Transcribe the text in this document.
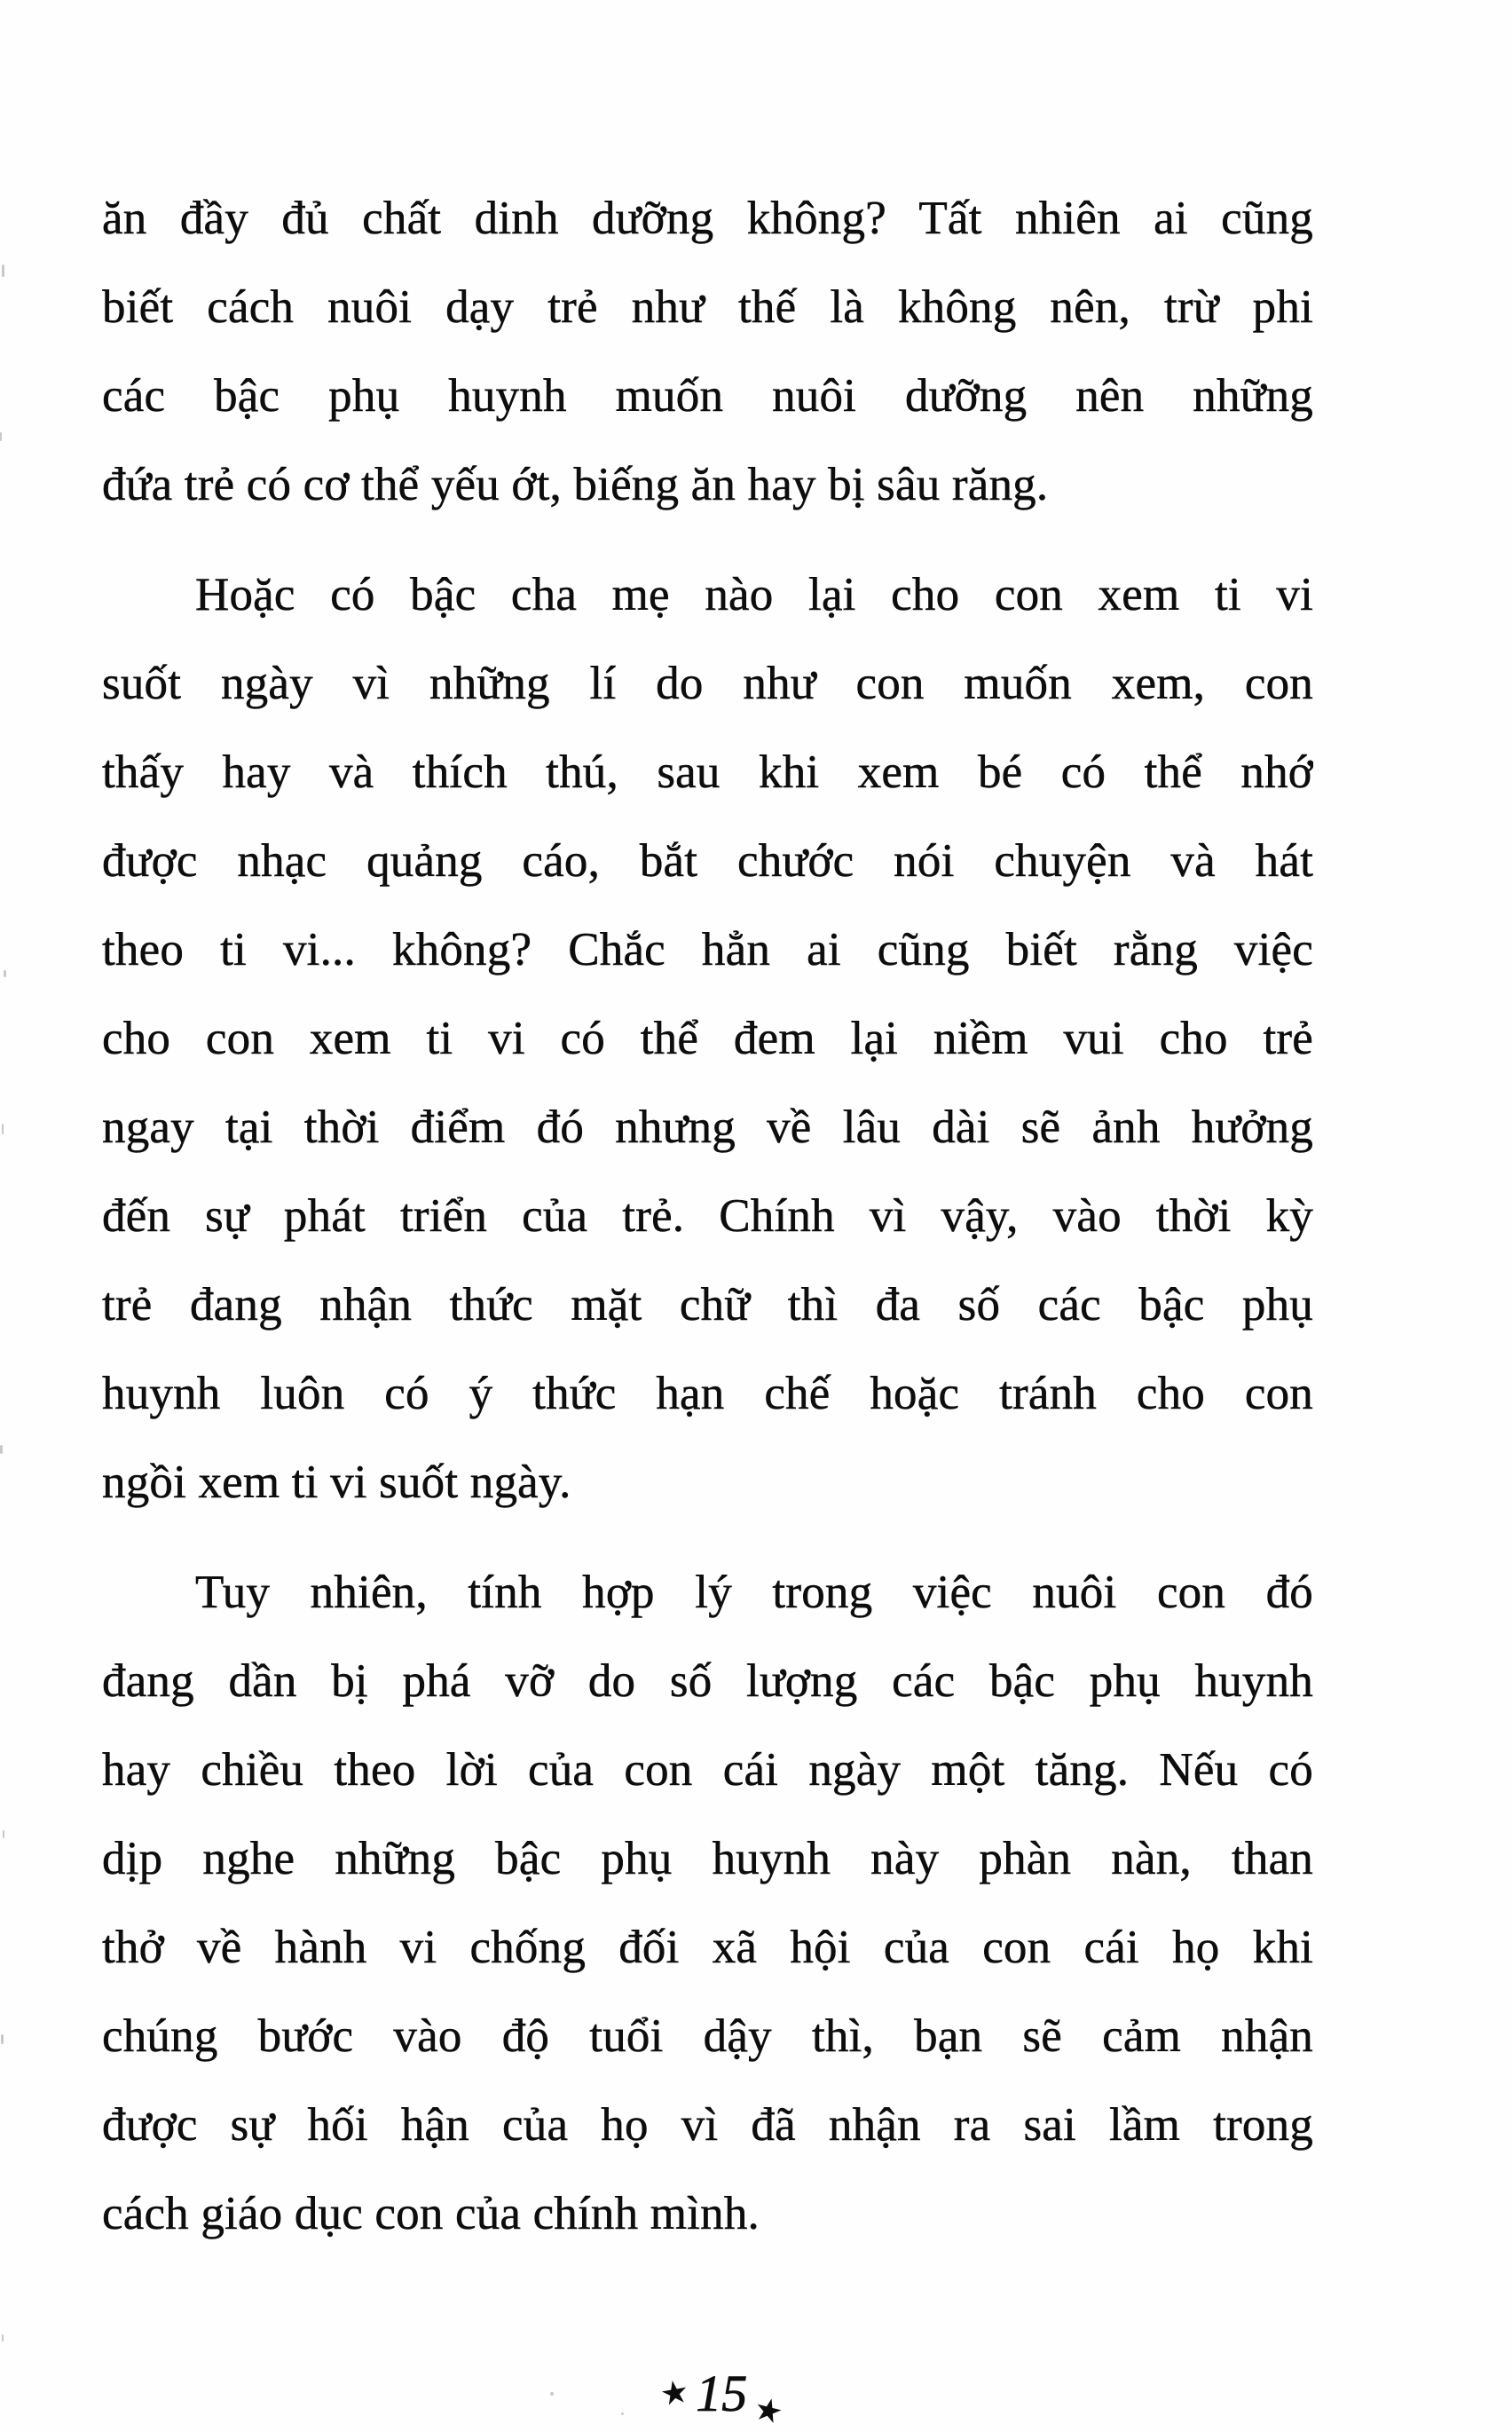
ăn đầy đủ chất dinh dưỡng không? Tất nhiên ai cũng
biết cách nuôi dạy trẻ như thế là không nên, trừ phi
các bậc phụ huynh muốn nuôi dưỡng nên những
đứa trẻ có cơ thể yếu ớt, biếng ăn hay bị sâu răng.
Hoặc có bậc cha mẹ nào lại cho con xem ti vi
suốt ngày vì những lí do như con muốn xem, con
thấy hay và thích thú, sau khi xem bé có thể nhớ
được nhạc quảng cáo, bắt chước nói chuyện và hát
theo ti vi... không? Chắc hẳn ai cũng biết rằng việc
cho con xem ti vi có thể đem lại niềm vui cho trẻ
ngay tại thời điểm đó nhưng về lâu dài sẽ ảnh hưởng
đến sự phát triển của trẻ. Chính vì vậy, vào thời kỳ
trẻ đang nhận thức mặt chữ thì đa số các bậc phụ
huynh luôn có ý thức hạn chế hoặc tránh cho con
ngồi xem ti vi suốt ngày.
Tuy nhiên, tính hợp lý trong việc nuôi con đó
đang dần bị phá vỡ do số lượng các bậc phụ huynh
hay chiều theo lời của con cái ngày một tăng. Nếu có
dịp nghe những bậc phụ huynh này phàn nàn, than
thở về hành vi chống đối xã hội của con cái họ khi
chúng bước vào độ tuổi dậy thì, bạn sẽ cảm nhận
được sự hối hận của họ vì đã nhận ra sai lầm trong
cách giáo dục con của chính mình.
★ 15 ★
